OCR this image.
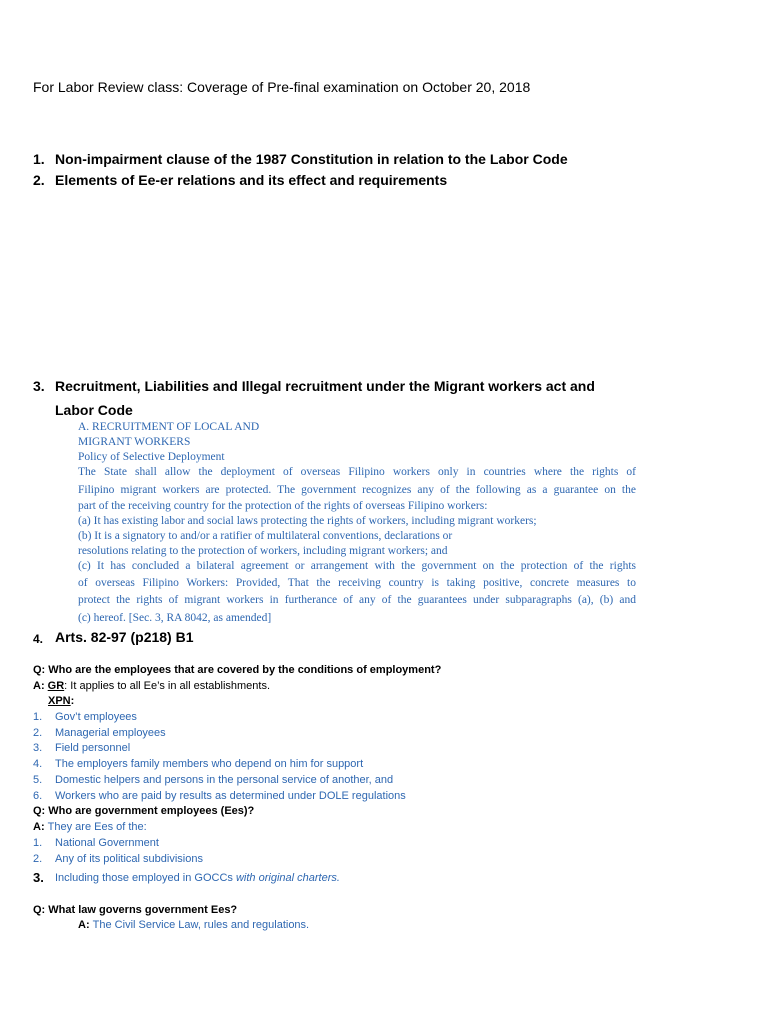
For Labor Review class: Coverage of Pre-final examination on October 20, 2018
1. Non-impairment clause of the 1987 Constitution in relation to the Labor Code
2. Elements of Ee-er relations and its effect and requirements
3. Recruitment, Liabilities and Illegal recruitment under the Migrant workers act and
Labor Code
A. RECRUITMENT OF LOCAL AND
MIGRANT WORKERS
Policy of Selective Deployment
The State shall allow the deployment of overseas Filipino workers only in countries where the rights of
Filipino migrant workers are protected. The government recognizes any of the following as a guarantee on the
part of the receiving country for the protection of the rights of overseas Filipino workers:
(a) It has existing labor and social laws protecting the rights of workers, including migrant workers;
(b) It is a signatory to and/or a ratifier of multilateral conventions, declarations or
resolutions relating to the protection of workers, including migrant workers; and
(c) It has concluded a bilateral agreement or arrangement with the government on the protection of the rights
of overseas Filipino Workers: Provided, That the receiving country is taking positive, concrete measures to
protect the rights of migrant workers in furtherance of any of the guarantees under subparagraphs (a), (b) and
(c) hereof. [Sec. 3, RA 8042, as amended]
4. Arts. 82-97 (p218) B1
Q: Who are the employees that are covered by the conditions of employment?
A: GR: It applies to all Ee’s in all establishments.
XPN:
1. Gov’t employees
2. Managerial employees
3. Field personnel
4. The employers family members who depend on him for support
5. Domestic helpers and persons in the personal service of another, and
6. Workers who are paid by results as determined under DOLE regulations
Q: Who are government employees (Ees)?
A: They are Ees of the:
1. National Government
2. Any of its political subdivisions
3. Including those employed in GOCCs with original charters.
Q: What law governs government Ees?
A: The Civil Service Law, rules and regulations.
